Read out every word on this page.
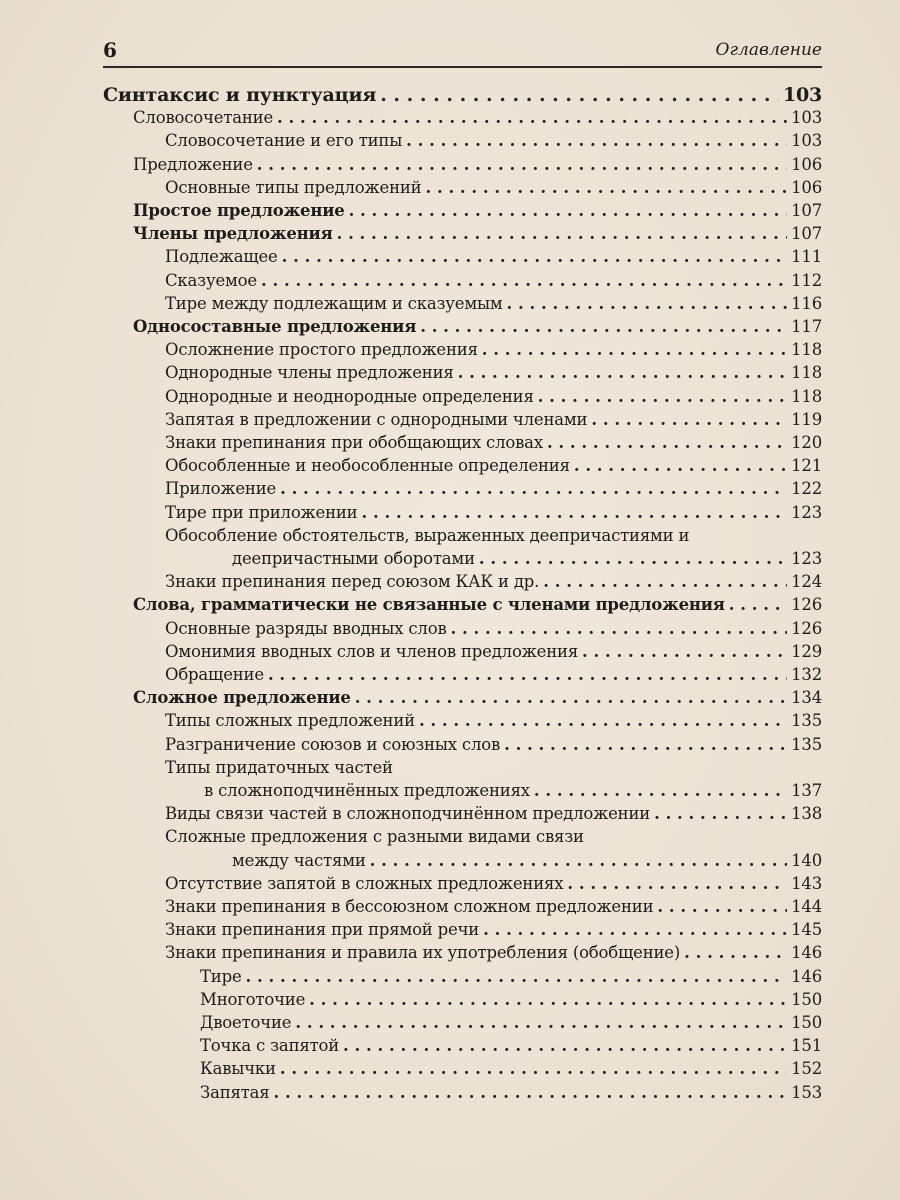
6	Оглавление
Синтаксис и пунктуация . . .	103
Словосочетание . . .	103
Словосочетание и его типы . . .	103
Предложение . . .	106
Основные типы предложений . . .	106
Простое предложение . . .	107
Члены предложения . . .	107
Подлежащее . . .	111
Сказуемое . . .	112
Тире между подлежащим и сказуемым . . .	116
Односоставные предложения . . .	117
Осложнение простого предложения . . .	118
Однородные члены предложения . . .	118
Однородные и неоднородные определения . . .	118
Запятая в предложении с однородными членами . . .	119
Знаки препинания при обобщающих словах . . .	120
Обособленные и необособленные определения . . .	121
Приложение . . .	122
Тире при приложении . . .	123
Обособление обстоятельств, выраженных деепричастиями и
деепричастными оборотами . . .	123
Знаки препинания перед союзом КАК и др. . . .	124
Слова, грамматически не связанные с членами предложения . . .	126
Основные разряды вводных слов . . .	126
Омонимия вводных слов и членов предложения . . .	129
Обращение . . .	132
Сложное предложение . . .	134
Типы сложных предложений . . .	135
Разграничение союзов и союзных слов . . .	135
Типы придаточных частей
в сложноподчинённых предложениях . . .	137
Виды связи частей в сложноподчинённом предложении . . .	138
Сложные предложения с разными видами связи
между частями . . .	140
Отсутствие запятой в сложных предложениях . . .	143
Знаки препинания в бессоюзном сложном предложении . . .	144
Знаки препинания при прямой речи . . .	145
Знаки препинания и правила их употребления (обобщение) . . .	146
Тире . . .	146
Многоточие . . .	150
Двоеточие . . .	150
Точка с запятой . . .	151
Кавычки . . .	152
Запятая . . .	153
